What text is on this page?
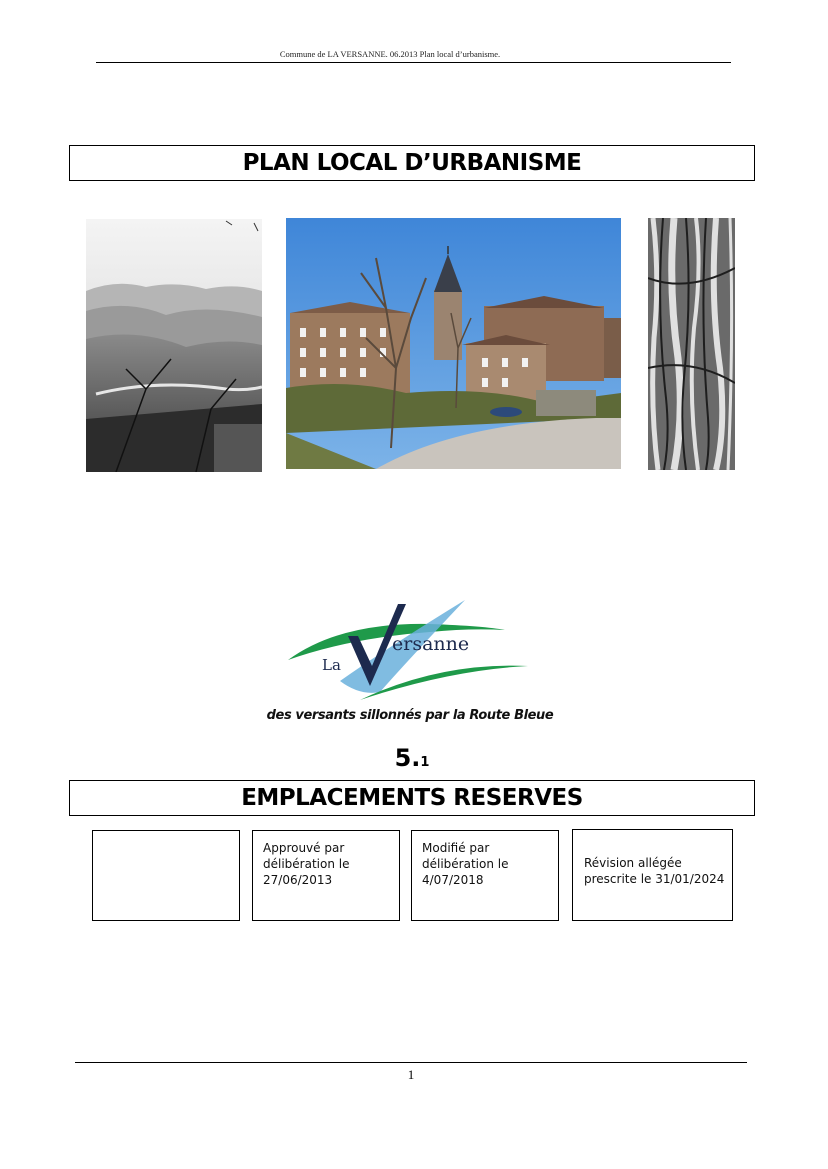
Commune de LA VERSANNE. 06.2013 Plan local d’urbanisme.
PLAN LOCAL D’URBANISME
La
ersanne
des versants sillonnés par la Route Bleue
5.1
EMPLACEMENTS RESERVES
Approuvé par
délibération le
27/06/2013
Modifié par
délibération le
4/07/2018
Révision allégée
prescrite le 31/01/2024
1
